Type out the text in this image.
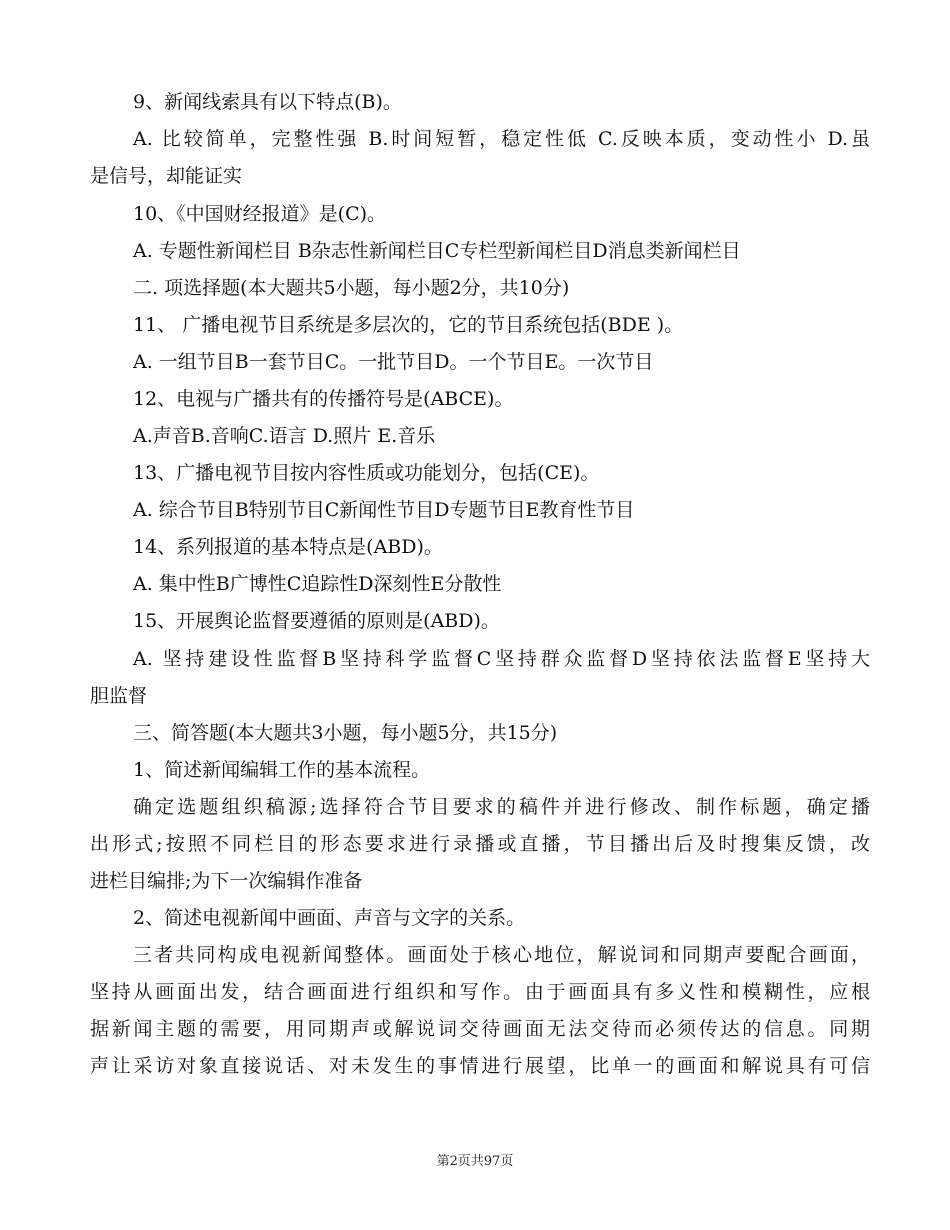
9、新闻线索具有以下特点(B)。
A. 比较简单，完整性强 B.时间短暂，稳定性低 C.反映本质，变动性小 D.虽
是信号，却能证实
10、《中国财经报道》是(C)。
A. 专题性新闻栏目 B杂志性新闻栏目C专栏型新闻栏目D消息类新闻栏目
二. 项选择题(本大题共5小题，每小题2分，共10分)
11、 广播电视节目系统是多层次的，它的节目系统包括(BDE )。
A. 一组节目B一套节目C。一批节目D。一个节目E。一次节目
12、电视与广播共有的传播符号是(ABCE)。
A.声音B.音响C.语言 D.照片 E.音乐
13、广播电视节目按内容性质或功能划分，包括(CE)。
A. 综合节目B特别节目C新闻性节目D专题节目E教育性节目
14、系列报道的基本特点是(ABD)。
A. 集中性B广博性C追踪性D深刻性E分散性
15、开展舆论监督要遵循的原则是(ABD)。
A. 坚持建设性监督B坚持科学监督C坚持群众监督D坚持依法监督E坚持大
胆监督
三、简答题(本大题共3小题，每小题5分，共15分)
1、简述新闻编辑工作的基本流程。
确定选题组织稿源;选择符合节目要求的稿件并进行修改、制作标题，确定播
出形式;按照不同栏目的形态要求进行录播或直播，节目播出后及时搜集反馈，改
进栏目编排;为下一次编辑作准备
2、简述电视新闻中画面、声音与文字的关系。
三者共同构成电视新闻整体。画面处于核心地位，解说词和同期声要配合画面，
坚持从画面出发，结合画面进行组织和写作。由于画面具有多义性和模糊性，应根
据新闻主题的需要，用同期声或解说词交待画面无法交待而必须传达的信息。同期
声让采访对象直接说话、对未发生的事情进行展望，比单一的画面和解说具有可信
第2页共97页
